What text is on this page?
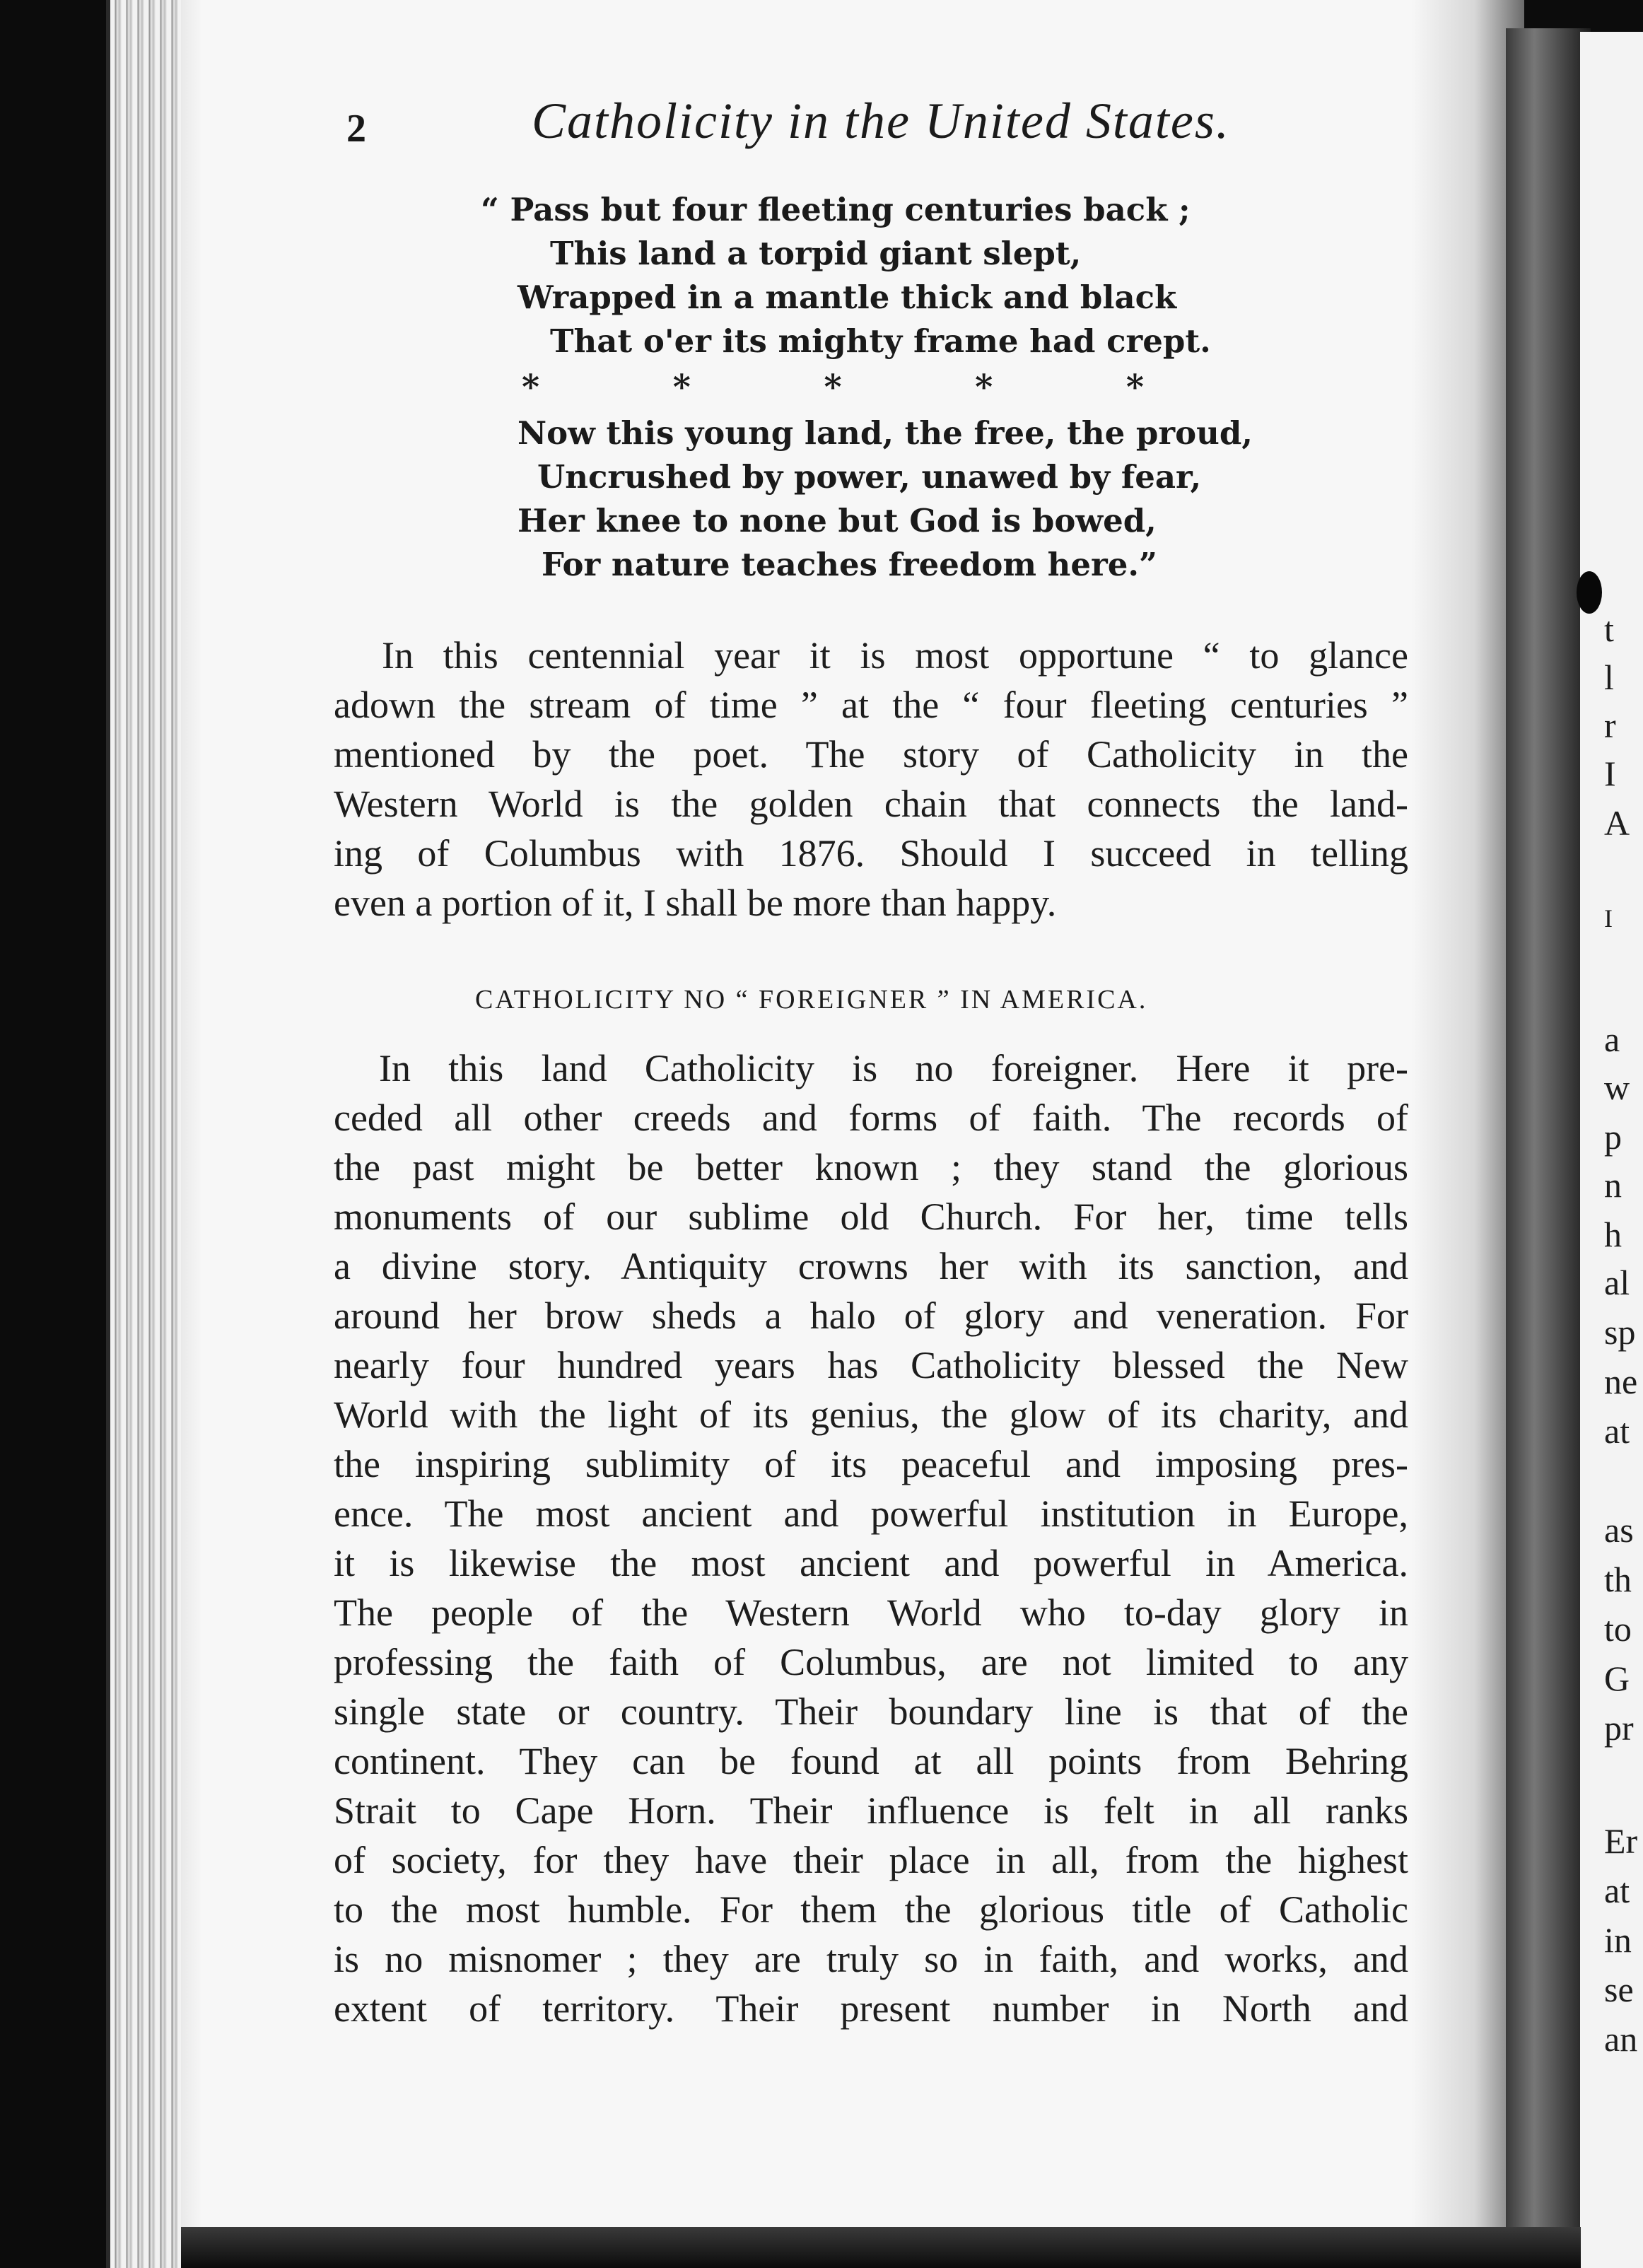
t
l
r
I
A
I
a
w
p
n
h
al
sp
ne
at
as
th
to
G
pr
Er
at
in
se
an
2	Catholicity in the United States.
“ Pass but four fleeting centuries back ;
This land a torpid giant slept,
Wrapped in a mantle thick and black
That o'er its mighty frame had crept.
*	*	*	*	*
Now this young land, the free, the proud,
Uncrushed by power, unawed by fear,
Her knee to none but God is bowed,
For nature teaches freedom here.”
In this centennial year it is most opportune “ to glance
adown the stream of time ” at the “ four fleeting centuries ”
mentioned by the poet. The story of Catholicity in the
Western World is the golden chain that connects the land-
ing of Columbus with 1876. Should I succeed in telling
even a portion of it, I shall be more than happy.
CATHOLICITY NO “ FOREIGNER ” IN AMERICA.
In this land Catholicity is no foreigner. Here it pre-
ceded all other creeds and forms of faith. The records of
the past might be better known ; they stand the glorious
monuments of our sublime old Church. For her, time tells
a divine story. Antiquity crowns her with its sanction, and
around her brow sheds a halo of glory and veneration. For
nearly four hundred years has Catholicity blessed the New
World with the light of its genius, the glow of its charity, and
the inspiring sublimity of its peaceful and imposing pres-
ence. The most ancient and powerful institution in Europe,
it is likewise the most ancient and powerful in America.
The people of the Western World who to-day glory in
professing the faith of Columbus, are not limited to any
single state or country. Their boundary line is that of the
continent. They can be found at all points from Behring
Strait to Cape Horn. Their influence is felt in all ranks
of society, for they have their place in all, from the highest
to the most humble. For them the glorious title of Catholic
is no misnomer ; they are truly so in faith, and works, and
extent of territory. Their present number in North and
